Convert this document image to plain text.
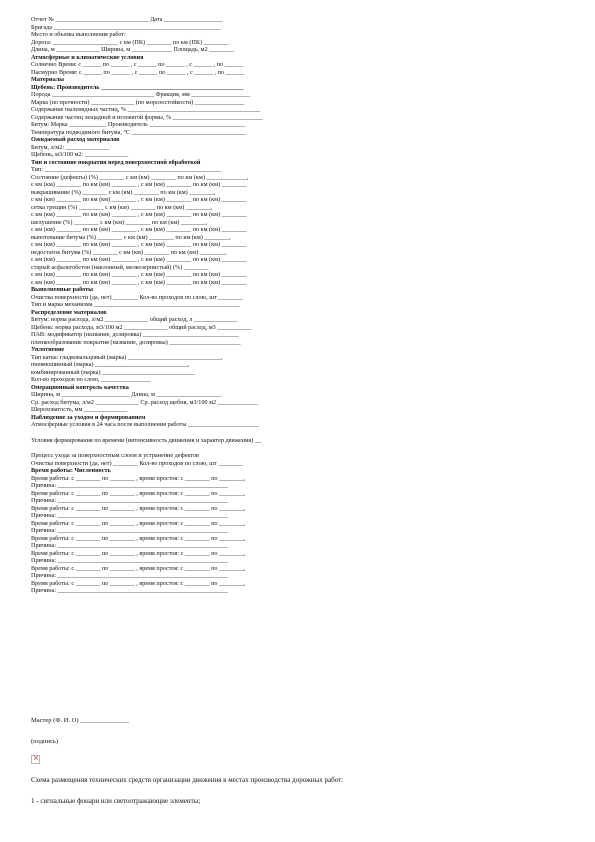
Отчет № ______________________________ Дата ___________________
Бригада ______________________________________________________
Место и объемы выполнения работ:
Дорога: _____________________ с км (ПК) ________ по км (ПК) ________
Длина, м ______________ Ширина, м _____________ Площадь, м2 ________
Атмосферные и климатические условия
Солнечно Время: с ______ по ______ , с ______ по ______ , с ______ , по ______
Пасмурно Время: с ______ по ______ , с ______ по ______ , с ______ , по ______
Материалы
Щебень: Производитель ______________________________________________
Порода _________________________________ Фракция, мм ___________________
Марка (по прочности) ______________ (по морозостойкости) ________________
Содержание пылевидных частиц, % ___________________________________________
Содержание частиц лещадной и игловатой формы, % _____________________________
Битум: Марка ____________ Производитель _______________________________
Температура подводимого битума, °С _____________________________________
Ожидаемый расход материалов
Битум, л/м2: ______________
Щебень, м3/100 м2: ______________
Тип и состояние покрытия перед поверхностной обработкой
Тип: _________________________________________________________
Состояние (дефекты) (%) ________ с км (км) ________ по км (км) _____________,
с км (км) ________ по км (км) ________ , с км (км) ________ по км (км) ________
выкрашивание (%) ________ с км (км) ________ по км (км) ________,
с км (км) ________ по км (км) ________ , с км (км) ________ по км (км) ________
сетка трещин (%) ________ с км (км) ________ по км (км) ________,
с км (км) ________ по км (км) ________ , с км (км) ________ по км (км) ________
шелушение (%) ________ с км (км) ________ по км (км) ________,
с км (км) ________ по км (км) ________ , с км (км) ________ по км (км) ________
выпотевание битума (%) ________ с км (км) ________ по км (км) ________,
с км (км) ________ по км (км) ________ , с км (км) ________ по км (км) ________
недостаток битума (%) ________ с км (км) ________ по км (км) ________,
с км (км) ________ по км (км) ________ , с км (км) ________ по км (км) ________
старый асфальтобетон (наклонный, мелкозернистый) (%) ________
с км (км) ________ по км (км) ________ , с км (км) ________ по км (км) ________
с км (км) ________ по км (км) ________ , с км (км) ________ по км (км) ________
Выполненные работы
Очистка поверхности (да, нет) ________ Кол-во проходов по слою, шт ________
Тип и марка механизма _______________________________________________
Распределение материалов
Битум: норма расхода, л/м2 ______________ общий расход, л ______________
Щебень: норма расхода, м3/100 м2 ______________ общий расход, м3 ___________
ПАВ: модификатор (название, дозировка) _______________________________
пленкообразование покрытия (название, дозировка) _______________________
Уплотнение
Тип катка: гладковальцовый (марка) ______________________________,
пневмошинный (марка) ______________________________,
комбинированный (марка) ______________________________
Кол-во проходов по слою, ________________
Операционный контроль качества
Ширина, м ______________________ Длина, м _____________________
Ср. расход битума, л/м2 ______________ Ср. расход щебня, м3/100 м2 _____________
Шероховатость, мм ______________
Наблюдение за уходом и формированием
Атмосферные условия в 24 часа после выполнения работы _______________________
Условия формирования по времени (интенсивность движения и характер движения) __
Процесс ухода за поверхностным слоем и устранение дефектов
Очистка поверхности (да, нет) ________ Кол-во проходов по слою, шт ________
Время работы: Численность
Время работы: с ________ по ________ , время простоя: с ________ по ________,
Причина: _______________________________________________________
Время работы: с ________ по ________ , время простоя: с ________ по ________,
Причина: _______________________________________________________
Время работы: с ________ по ________ , время простоя: с ________ по ________,
Причина: _______________________________________________________
Время работы: с ________ по ________ , время простоя: с ________ по ________,
Причина: _______________________________________________________
Время работы: с ________ по ________ , время простоя: с ________ по ________,
Причина: _______________________________________________________
Время работы: с ________ по ________ , время простоя: с ________ по ________,
Причина: _______________________________________________________
Время работы: с ________ по ________ , время простоя: с ________ по ________,
Причина: _______________________________________________________
Время работы: с ________ по ________ , время простоя: с ________ по ________,
Причина: _______________________________________________________
Мастер (Ф. И. О) _______________
(подпись)
×
Схема размещения технических средств организации движения в местах производства дорожных работ:
1 - сигнальные фонари или светоотражающие элементы;
